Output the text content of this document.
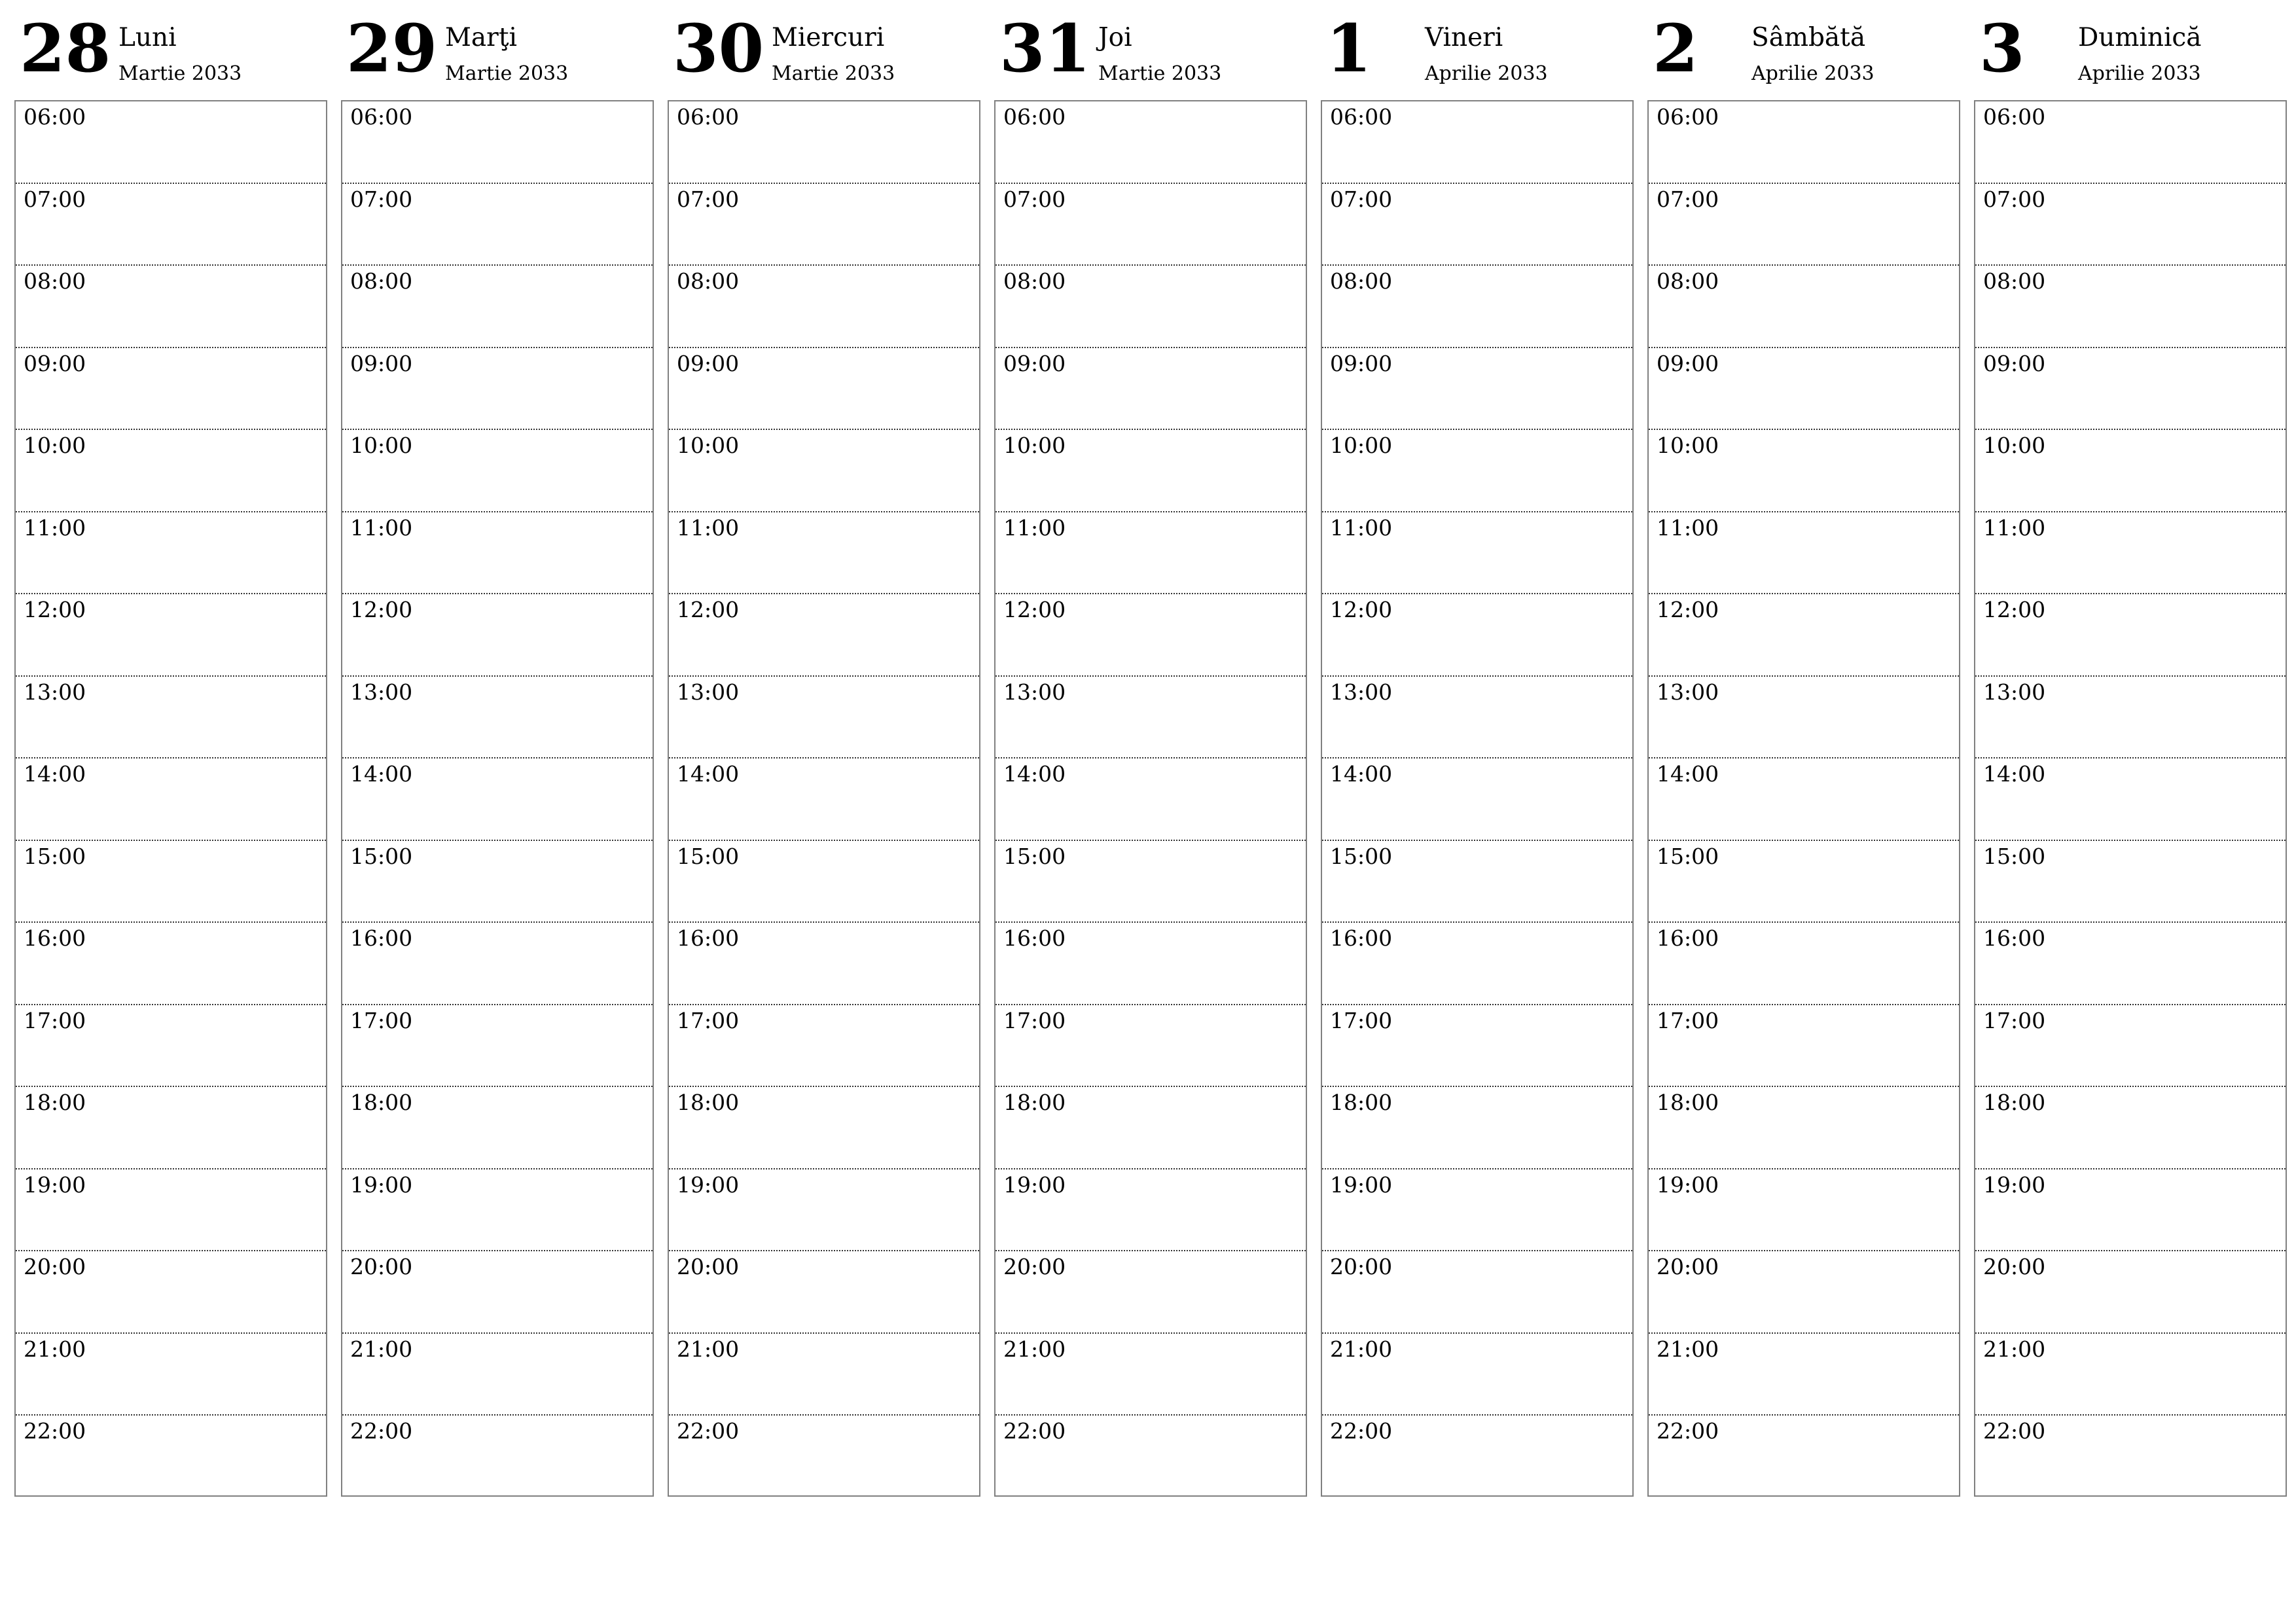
28 Luni
Martie 2033
06:00
07:00
08:00
09:00
10:00
11:00
12:00
13:00
14:00
15:00
16:00
17:00
18:00
19:00
20:00
21:00
22:00
29 Marţi
Martie 2033
06:00
07:00
08:00
09:00
10:00
11:00
12:00
13:00
14:00
15:00
16:00
17:00
18:00
19:00
20:00
21:00
22:00
30 Miercuri
Martie 2033
06:00
07:00
08:00
09:00
10:00
11:00
12:00
13:00
14:00
15:00
16:00
17:00
18:00
19:00
20:00
21:00
22:00
31 Joi
Martie 2033
06:00
07:00
08:00
09:00
10:00
11:00
12:00
13:00
14:00
15:00
16:00
17:00
18:00
19:00
20:00
21:00
22:00
1 Vineri
Aprilie 2033
06:00
07:00
08:00
09:00
10:00
11:00
12:00
13:00
14:00
15:00
16:00
17:00
18:00
19:00
20:00
21:00
22:00
2 Sâmbătă
Aprilie 2033
06:00
07:00
08:00
09:00
10:00
11:00
12:00
13:00
14:00
15:00
16:00
17:00
18:00
19:00
20:00
21:00
22:00
3 Duminică
Aprilie 2033
06:00
07:00
08:00
09:00
10:00
11:00
12:00
13:00
14:00
15:00
16:00
17:00
18:00
19:00
20:00
21:00
22:00
